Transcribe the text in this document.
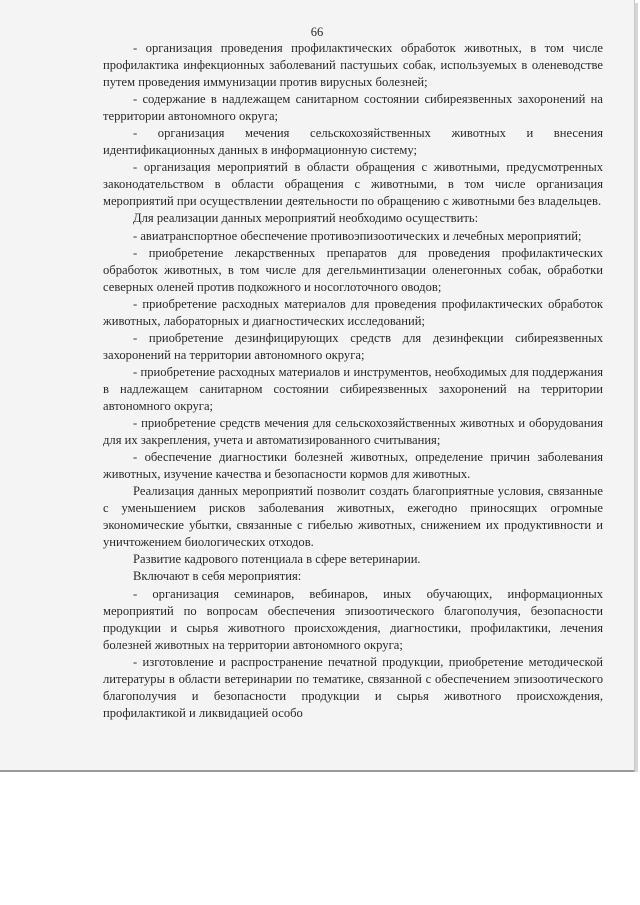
66

- организация проведения профилактических обработок животных, в том числе профилактика инфекционных заболеваний пастушьих собак, используемых в оленеводстве путем проведения иммунизации против вирусных болезней;

- содержание в надлежащем санитарном состоянии сибиреязвенных захоронений на территории автономного округа;

- организация мечения сельскохозяйственных животных и внесения идентификационных данных в информационную систему;

- организация мероприятий в области обращения с животными, предусмотренных законодательством в области обращения с животными, в том числе организация мероприятий при осуществлении деятельности по обращению с животными без владельцев.

Для реализации данных мероприятий необходимо осуществить:

- авиатранспортное обеспечение противоэпизоотических и лечебных мероприятий;

- приобретение лекарственных препаратов для проведения профилактических обработок животных, в том числе для дегельминтизации оленегонных собак, обработки северных оленей против подкожного и носоглоточного оводов;

- приобретение расходных материалов для проведения профилактических обработок животных, лабораторных и диагностических исследований;

- приобретение дезинфицирующих средств для дезинфекции сибиреязвенных захоронений на территории автономного округа;

- приобретение расходных материалов и инструментов, необходимых для поддержания в надлежащем санитарном состоянии сибиреязвенных захоронений на территории автономного округа;

- приобретение средств мечения для сельскохозяйственных животных и оборудования для их закрепления, учета и автоматизированного считывания;

- обеспечение диагностики болезней животных, определение причин заболевания животных, изучение качества и безопасности кормов для животных.

Реализация данных мероприятий позволит создать благоприятные условия, связанные с уменьшением рисков заболевания животных, ежегодно приносящих огромные экономические убытки, связанные с гибелью животных, снижением их продуктивности и уничтожением биологических отходов.

Развитие кадрового потенциала в сфере ветеринарии.

Включают в себя мероприятия:

- организация семинаров, вебинаров, иных обучающих, информационных мероприятий по вопросам обеспечения эпизоотического благополучия, безопасности продукции и сырья животного происхождения, диагностики, профилактики, лечения болезней животных на территории автономного округа;

- изготовление и распространение печатной продукции, приобретение методической литературы в области ветеринарии по тематике, связанной с обеспечением эпизоотического благополучия и безопасности продукции и сырья животного происхождения, профилактикой и ликвидацией особо
